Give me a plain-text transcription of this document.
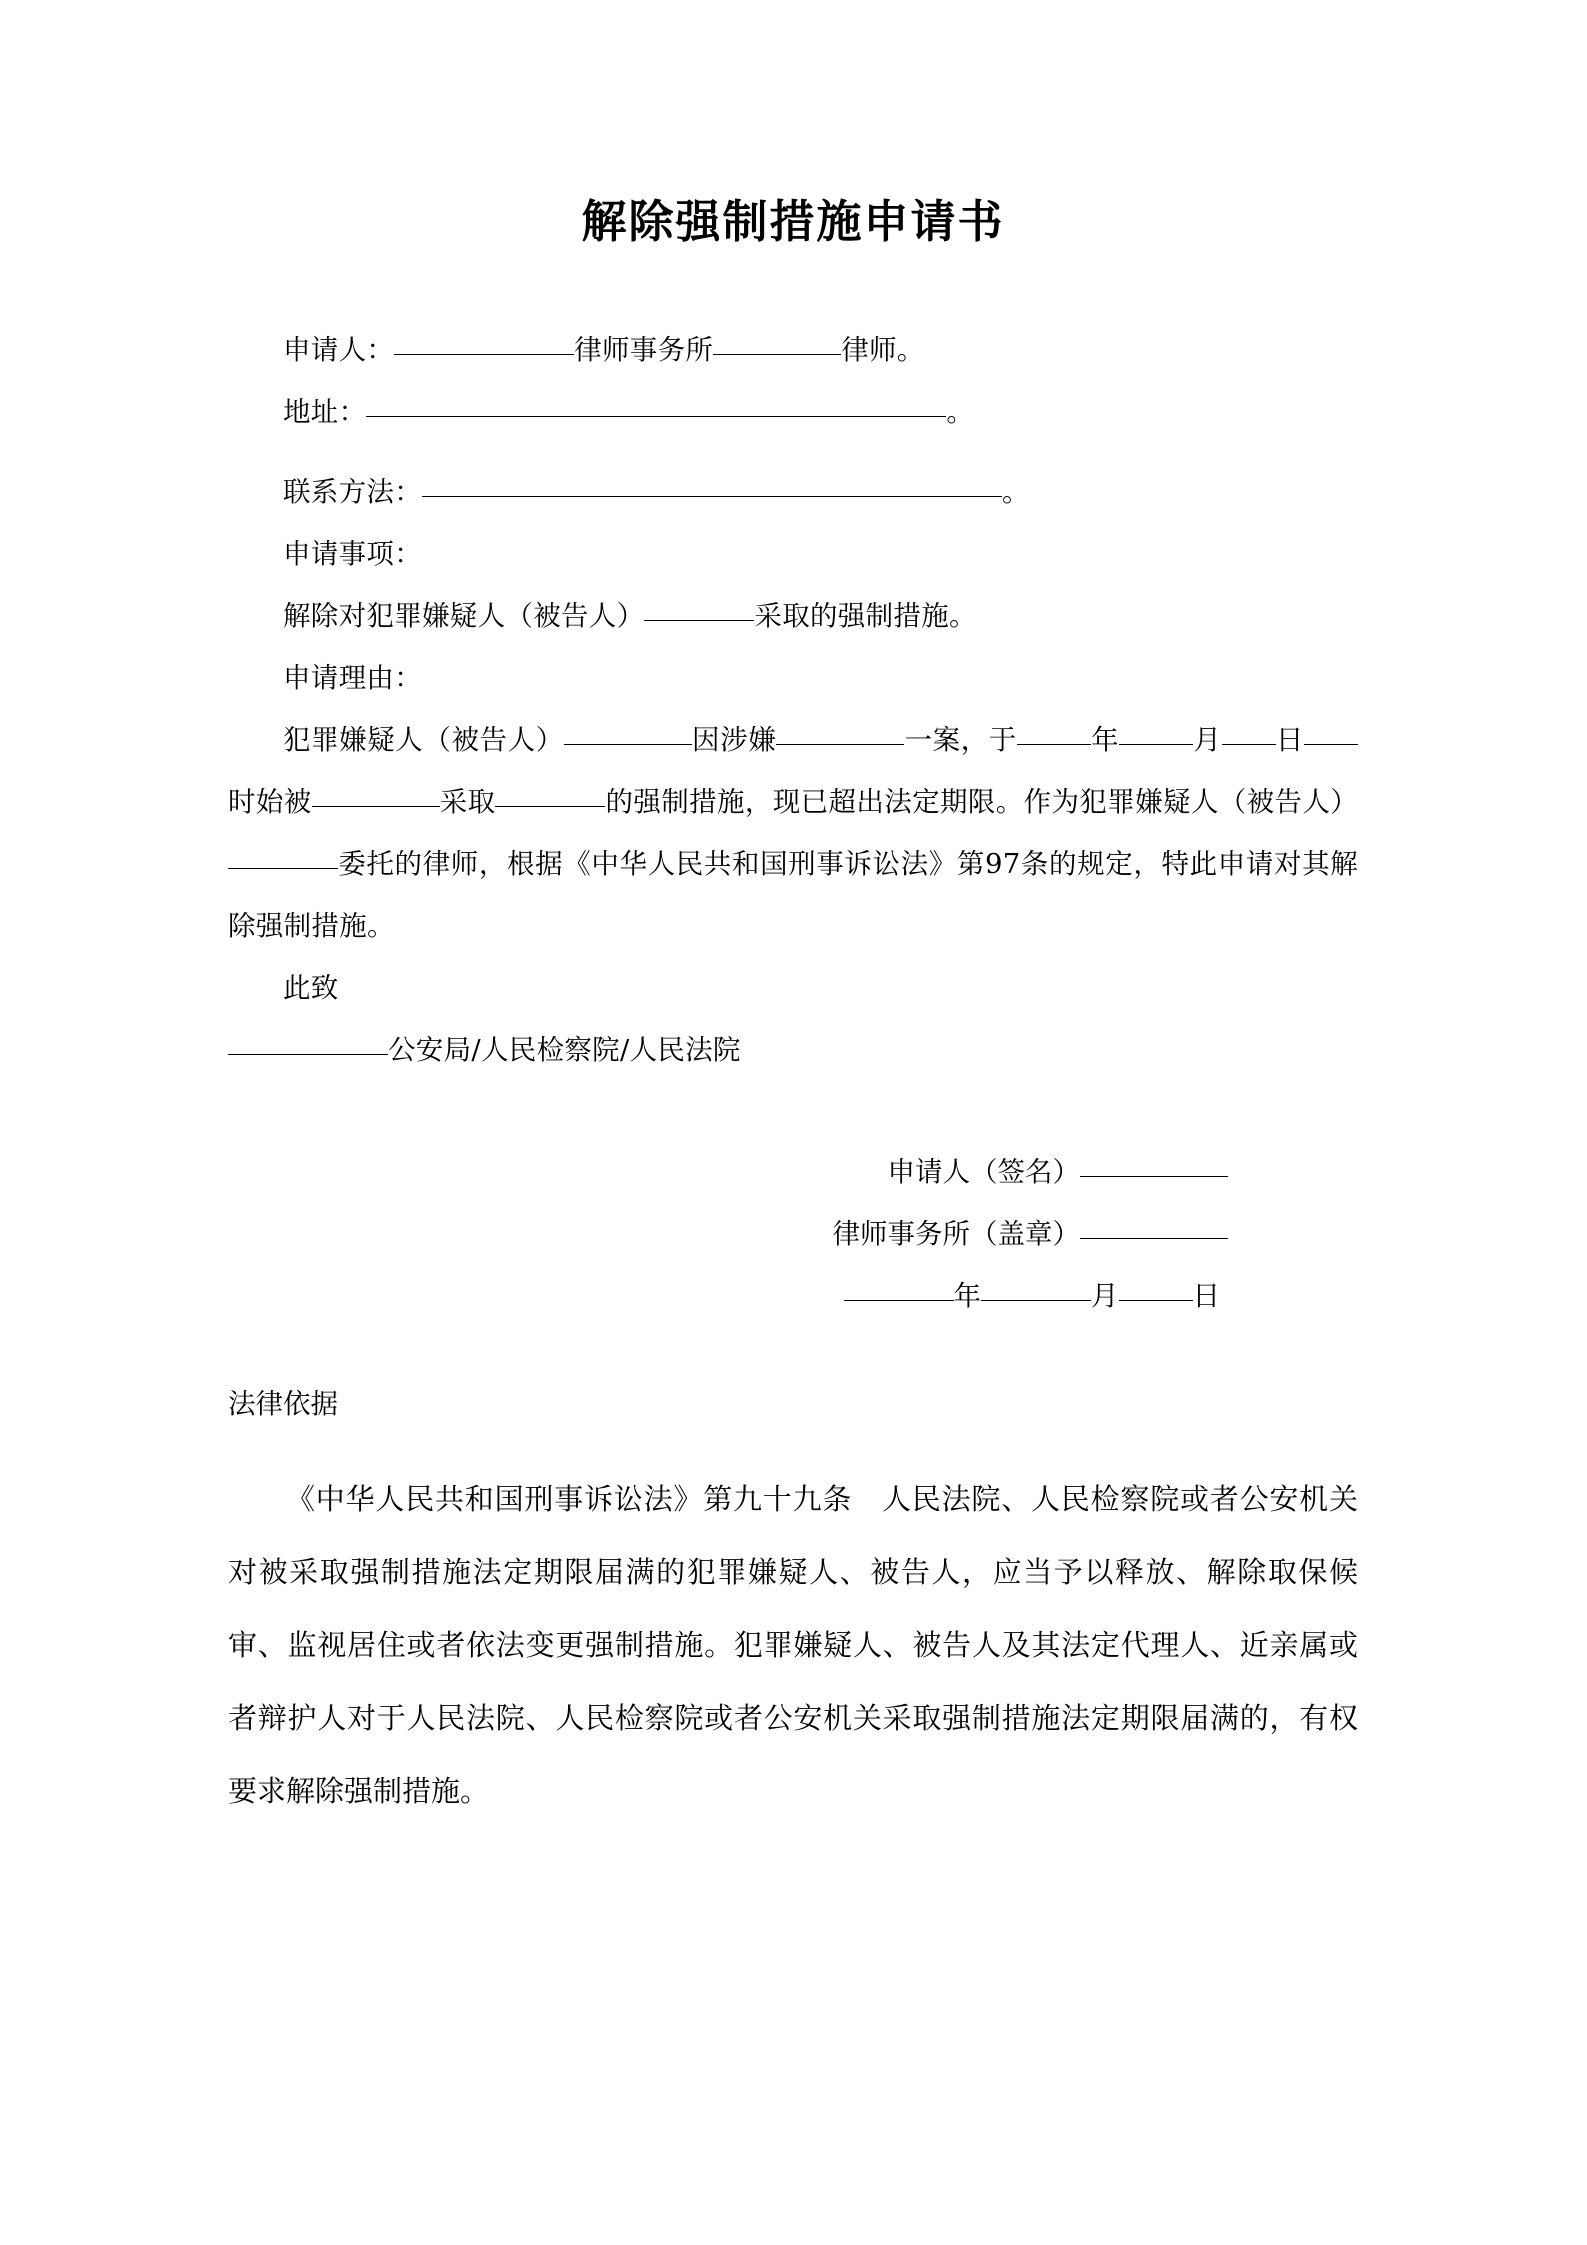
解除强制措施申请书

申请人：	律师事务所	律师。

地址：	。

联系方法：	。

申请事项：

解除对犯罪嫌疑人（被告人）	采取的强制措施。

申请理由：

犯罪嫌疑人（被告人）	因涉嫌	一案，于	年	月 日时始被	采取	的强制措施，现已超出法定期限。作为犯罪嫌疑人（被告人）委托的律师，根据《中华人民共和国刑事诉讼法》第97条的规定，特此申请对其解除强制措施。

此致

公安局/人民检察院/人民法院

申请人（签名）
律师事务所（盖章）
年	月	日

法律依据

《中华人民共和国刑事诉讼法》第九十九条　人民法院、人民检察院或者公安机关对被采取强制措施法定期限届满的犯罪嫌疑人、被告人，应当予以释放、解除取保候审、监视居住或者依法变更强制措施。犯罪嫌疑人、被告人及其法定代理人、近亲属或者辩护人对于人民法院、人民检察院或者公安机关采取强制措施法定期限届满的，有权要求解除强制措施。
